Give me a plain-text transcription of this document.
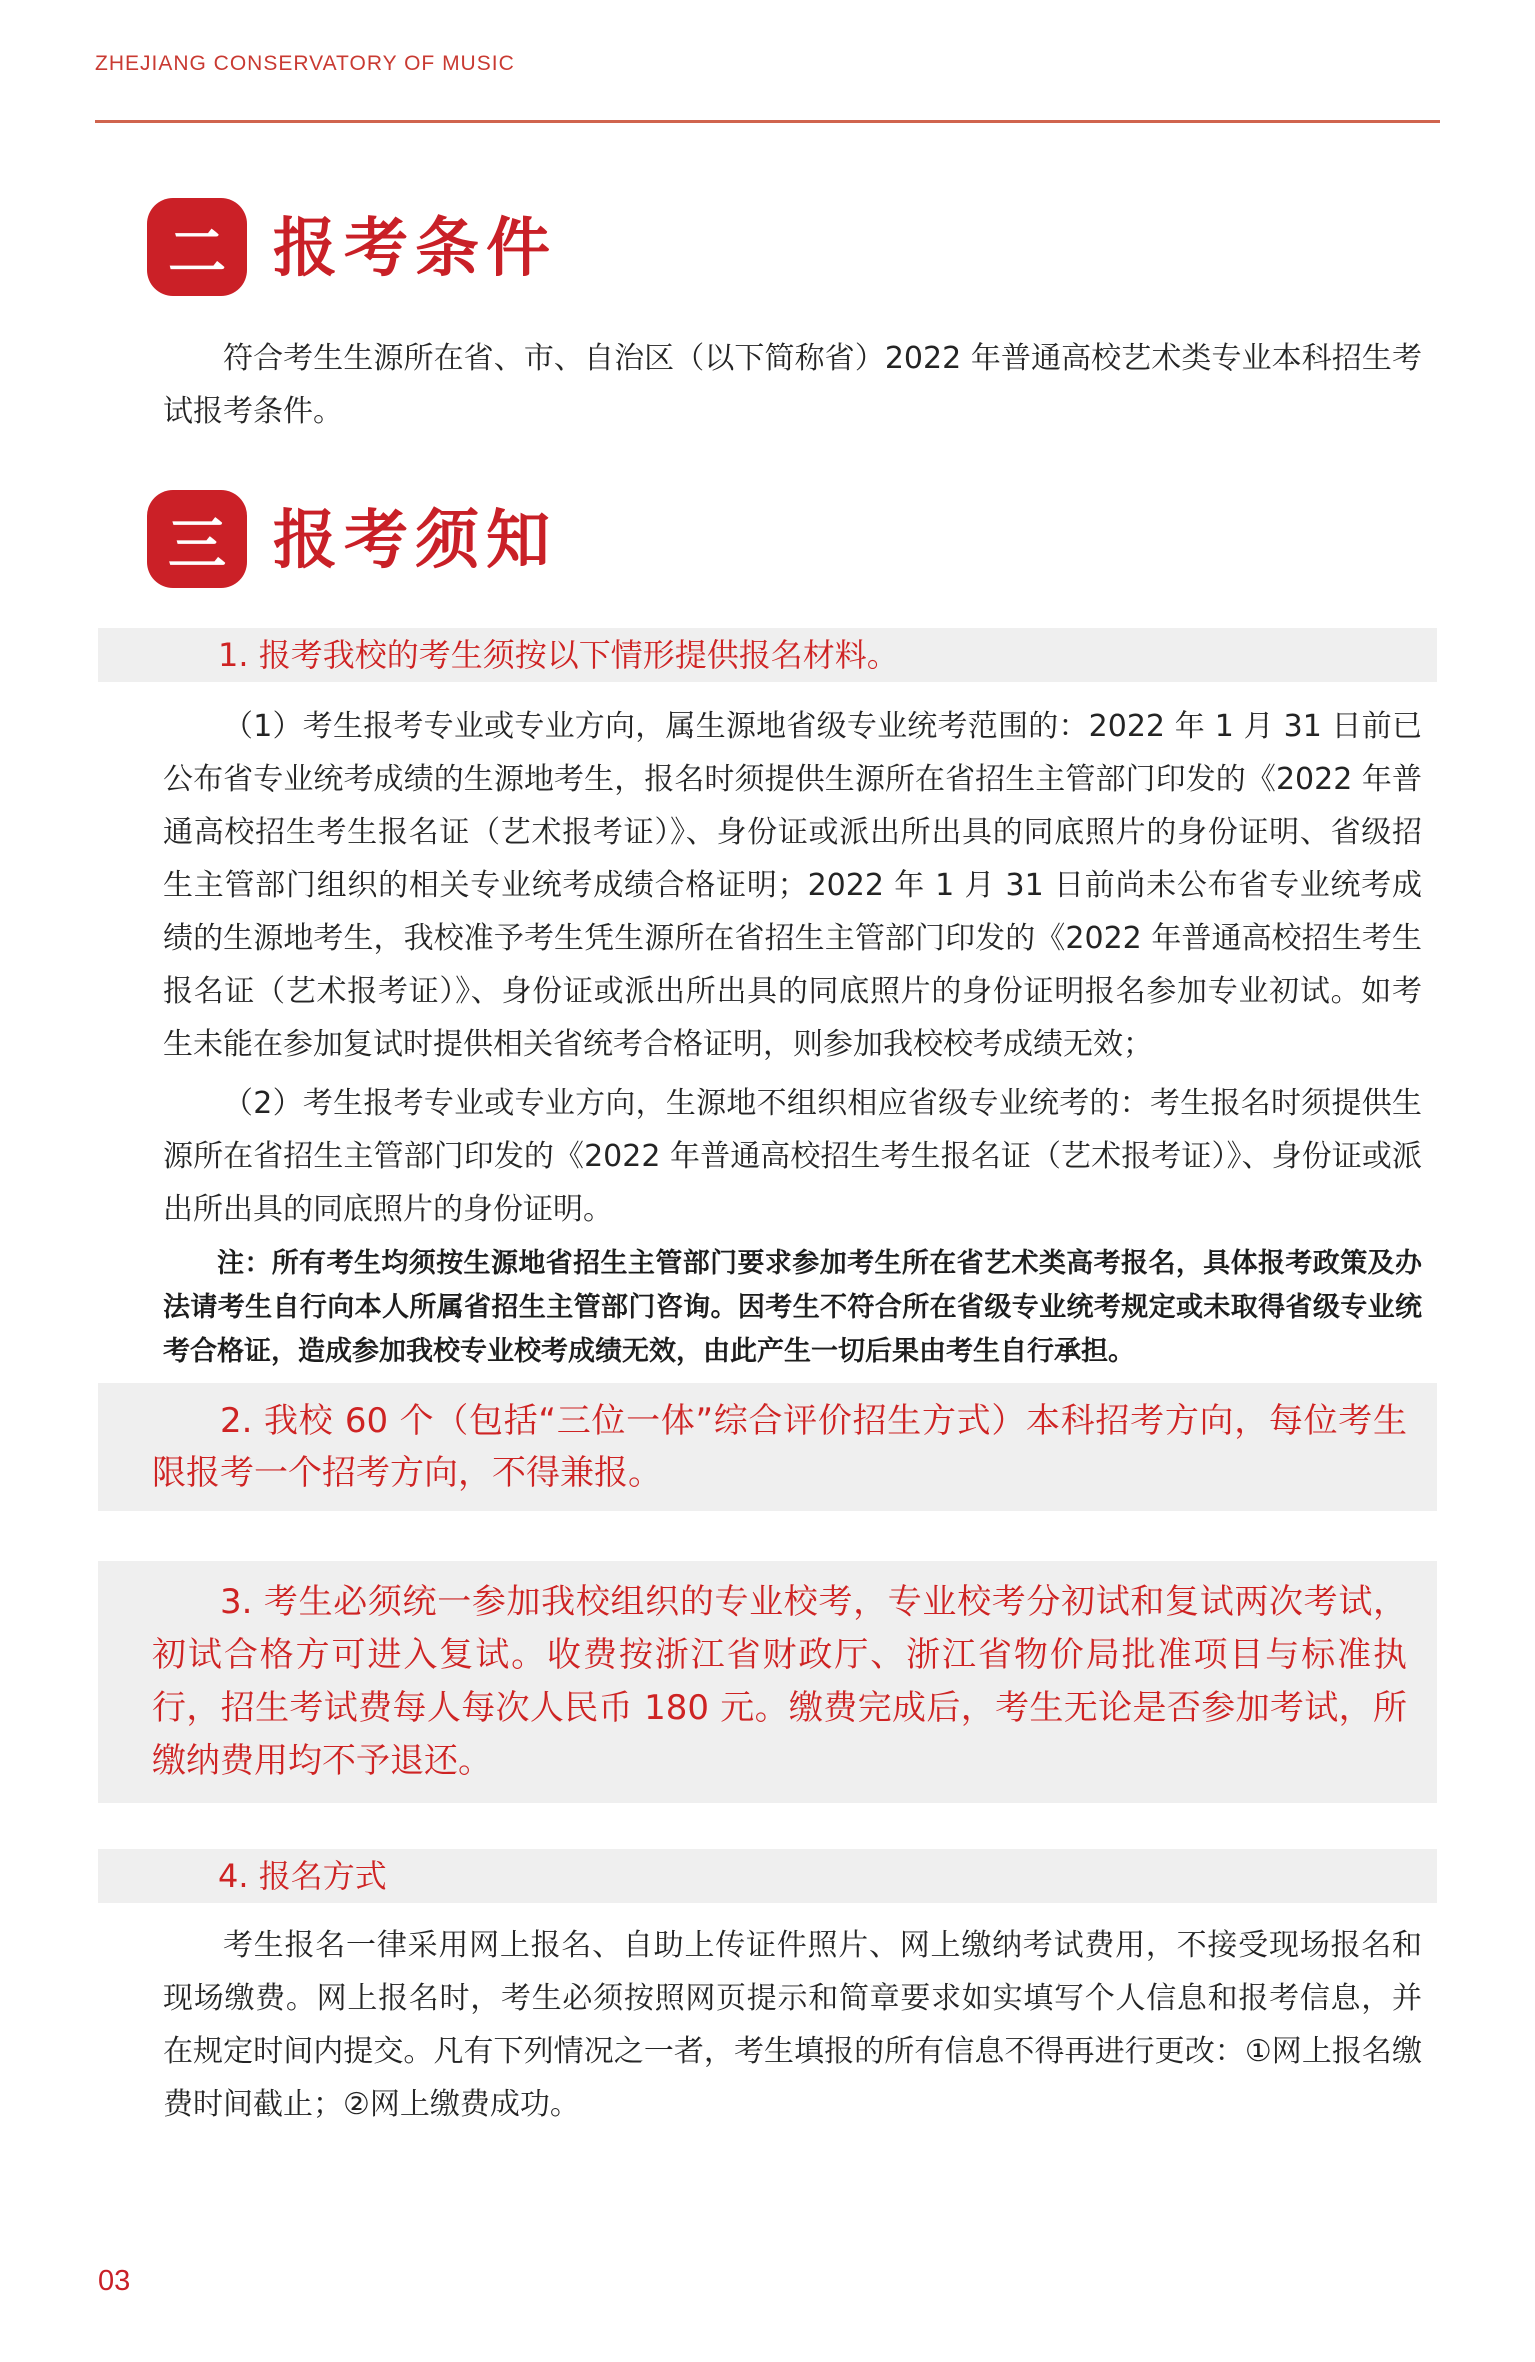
ZHEJIANG CONSERVATORY OF MUSIC
二 报考条件

符合考生生源所在省、市、自治区（以下简称省）2022 年普通高校艺术类专业本科招生考试报考条件。

三 报考须知
1. 报考我校的考生须按以下情形提供报名材料。

（1）考生报考专业或专业方向，属生源地省级专业统考范围的：2022 年 1 月 31 日前已公布省专业统考成绩的生源地考生，报名时须提供生源所在省招生主管部门印发的《2022 年普通高校招生考生报名证（艺术报考证）》、身份证或派出所出具的同底照片的身份证明、省级招生主管部门组织的相关专业统考成绩合格证明；2022 年 1 月 31 日前尚未公布省专业统考成绩的生源地考生，我校准予考生凭生源所在省招生主管部门印发的《2022 年普通高校招生考生报名证（艺术报考证）》、身份证或派出所出具的同底照片的身份证明报名参加专业初试。如考生未能在参加复试时提供相关省统考合格证明，则参加我校校考成绩无效；

（2）考生报考专业或专业方向，生源地不组织相应省级专业统考的：考生报名时须提供生源所在省招生主管部门印发的《2022 年普通高校招生考生报名证（艺术报考证）》、身份证或派出所出具的同底照片的身份证明。

注：所有考生均须按生源地省招生主管部门要求参加考生所在省艺术类高考报名，具体报考政策及办法请考生自行向本人所属省招生主管部门咨询。因考生不符合所在省级专业统考规定或未取得省级专业统考合格证，造成参加我校专业校考成绩无效，由此产生一切后果由考生自行承担。

2. 我校 60 个（包括“三位一体”综合评价招生方式）本科招考方向，每位考生限报考一个招考方向，不得兼报。
3. 考生必须统一参加我校组织的专业校考，专业校考分初试和复试两次考试，初试合格方可进入复试。收费按浙江省财政厅、浙江省物价局批准项目与标准执行，招生考试费每人每次人民币 180 元。缴费完成后，考生无论是否参加考试，所缴纳费用均不予退还。
4. 报名方式

考生报名一律采用网上报名、自助上传证件照片、网上缴纳考试费用，不接受现场报名和现场缴费。网上报名时，考生必须按照网页提示和简章要求如实填写个人信息和报考信息，并在规定时间内提交。凡有下列情况之一者，考生填报的所有信息不得再进行更改：①网上报名缴费时间截止；②网上缴费成功。

03
